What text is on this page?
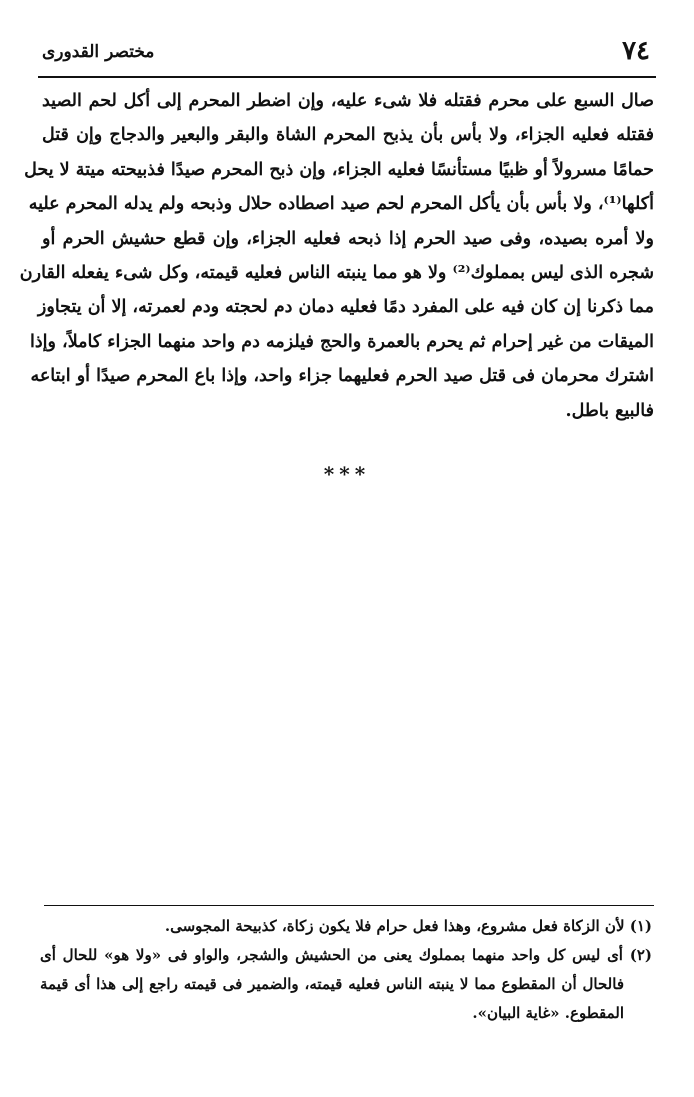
٧٤
مختصر القدورى
صال السبع على محرم فقتله فلا شىء عليه، وإن اضطر المحرم إلى أكل لحم الصيد
فقتله فعليه الجزاء، ولا بأس بأن يذبح المحرم الشاة والبقر والبعير والدجاج وإن قتل
حمامًا مسرولاً أو ظبيًا مستأنسًا فعليه الجزاء، وإن ذبح المحرم صيدًا فذبيحته ميتة لا يحل
أكلها⁽¹⁾، ولا بأس بأن يأكل المحرم لحم صيد اصطاده حلال وذبحه ولم يدله المحرم عليه
ولا أمره بصيده، وفى صيد الحرم إذا ذبحه فعليه الجزاء، وإن قطع حشيش الحرم أو
شجره الذى ليس بمملوك⁽²⁾ ولا هو مما ينبته الناس فعليه قيمته، وكل شىء يفعله القارن
مما ذكرنا إن كان فيه على المفرد دمًا فعليه دمان دم لحجته ودم لعمرته، إلا أن يتجاوز
الميقات من غير إحرام ثم يحرم بالعمرة والحج فيلزمه دم واحد منهما الجزاء كاملاً، وإذا
اشترك محرمان فى قتل صيد الحرم فعليهما جزاء واحد، وإذا باع المحرم صيدًا أو ابتاعه
فالبيع باطل.
***
(١) لأن الزكاة فعل مشروع، وهذا فعل حرام فلا يكون زكاة، كذبيحة المجوسى.
(٢) أى ليس كل واحد منهما بمملوك يعنى من الحشيش والشجر، والواو فى «ولا هو» للحال أى
فالحال أن المقطوع مما لا ينبته الناس فعليه قيمته، والضمير فى قيمته راجع إلى هذا أى قيمة
المقطوع. «غاية البيان».
